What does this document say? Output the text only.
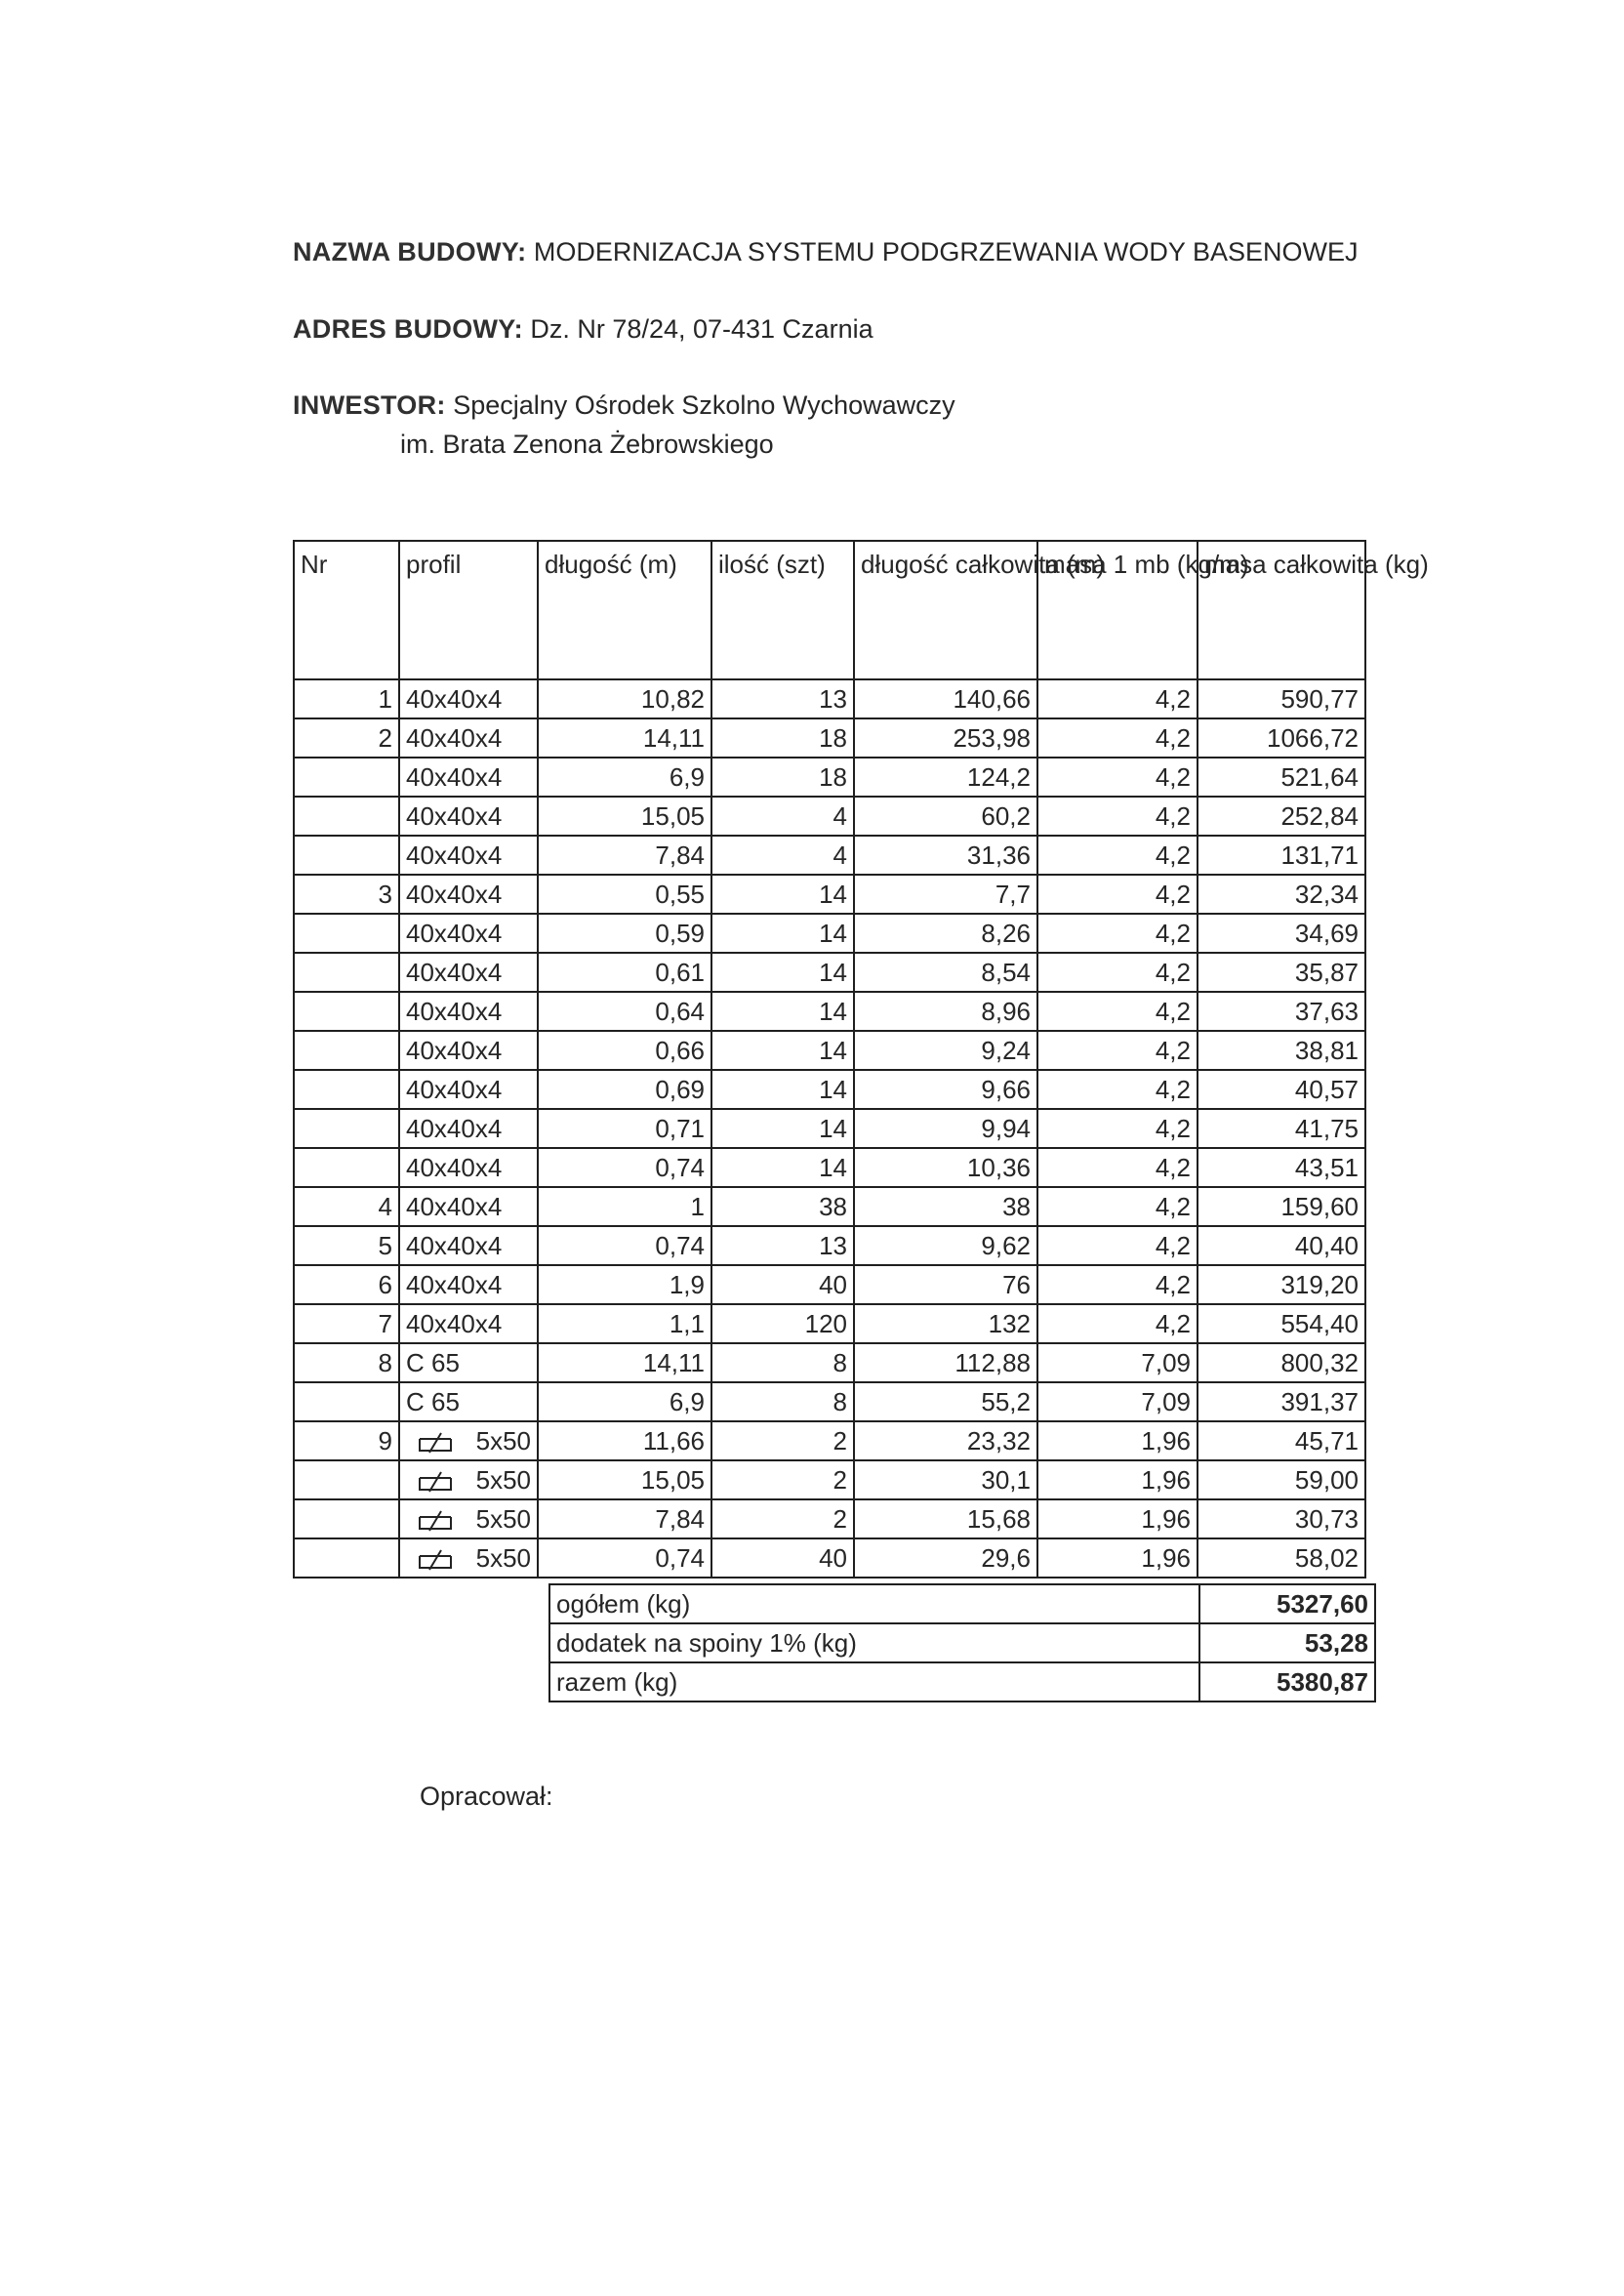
NAZWA BUDOWY: MODERNIZACJA SYSTEMU PODGRZEWANIA WODY BASENOWEJ
ADRES BUDOWY: Dz. Nr 78/24, 07-431 Czarnia
INWESTOR: Specjalny Ośrodek Szkolno Wychowawczy
im. Brata Zenona Żebrowskiego
Nr	profil	długość (m)	ilość (szt)	długość całkowita (m)	masa 1 mb (kg/m)	masa całkowita (kg)
1	40x40x4	10,82	13	140,66	4,2	590,77
2	40x40x4	14,11	18	253,98	4,2	1066,72
	40x40x4	6,9	18	124,2	4,2	521,64
	40x40x4	15,05	4	60,2	4,2	252,84
	40x40x4	7,84	4	31,36	4,2	131,71
3	40x40x4	0,55	14	7,7	4,2	32,34
	40x40x4	0,59	14	8,26	4,2	34,69
	40x40x4	0,61	14	8,54	4,2	35,87
	40x40x4	0,64	14	8,96	4,2	37,63
	40x40x4	0,66	14	9,24	4,2	38,81
	40x40x4	0,69	14	9,66	4,2	40,57
	40x40x4	0,71	14	9,94	4,2	41,75
	40x40x4	0,74	14	10,36	4,2	43,51
4	40x40x4	1	38	38	4,2	159,60
5	40x40x4	0,74	13	9,62	4,2	40,40
6	40x40x4	1,9	40	76	4,2	319,20
7	40x40x4	1,1	120	132	4,2	554,40
8	C 65	14,11	8	112,88	7,09	800,32
	C 65	6,9	8	55,2	7,09	391,37
9	5x50	11,66	2	23,32	1,96	45,71
	5x50	15,05	2	30,1	1,96	59,00
	5x50	7,84	2	15,68	1,96	30,73
	5x50	0,74	40	29,6	1,96	58,02
ogółem (kg)	5327,60
dodatek na spoiny 1% (kg)	53,28
razem (kg)	5380,87
Opracował:
